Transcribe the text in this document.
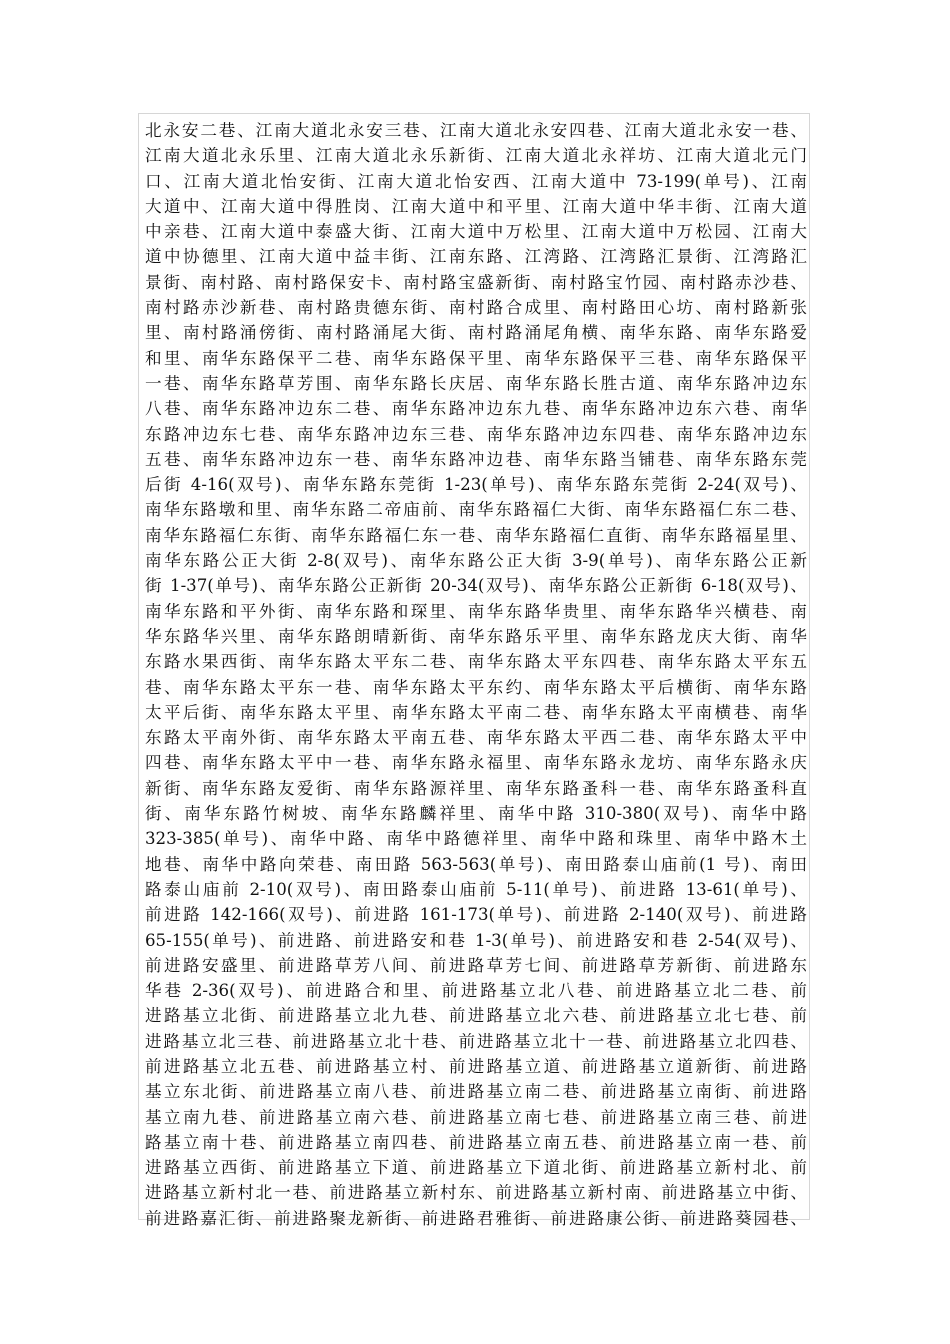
北永安二巷、江南大道北永安三巷、江南大道北永安四巷、江南大道北永安一巷、
江南大道北永乐里、江南大道北永乐新街、江南大道北永祥坊、江南大道北元门
口、江南大道北怡安街、江南大道北怡安西、江南大道中 73-199(单号)、江南
大道中、江南大道中得胜岗、江南大道中和平里、江南大道中华丰街、江南大道
中亲巷、江南大道中泰盛大街、江南大道中万松里、江南大道中万松园、江南大
道中协德里、江南大道中益丰街、江南东路、江湾路、江湾路汇景街、江湾路汇
景街、南村路、南村路保安卡、南村路宝盛新街、南村路宝竹园、南村路赤沙巷、
南村路赤沙新巷、南村路贵德东街、南村路合成里、南村路田心坊、南村路新张
里、南村路涌傍街、南村路涌尾大街、南村路涌尾角横、南华东路、南华东路爱
和里、南华东路保平二巷、南华东路保平里、南华东路保平三巷、南华东路保平
一巷、南华东路草芳围、南华东路长庆居、南华东路长胜古道、南华东路冲边东
八巷、南华东路冲边东二巷、南华东路冲边东九巷、南华东路冲边东六巷、南华
东路冲边东七巷、南华东路冲边东三巷、南华东路冲边东四巷、南华东路冲边东
五巷、南华东路冲边东一巷、南华东路冲边巷、南华东路当铺巷、南华东路东莞
后街 4-16(双号)、南华东路东莞街 1-23(单号)、南华东路东莞街 2-24(双号)、
南华东路墩和里、南华东路二帝庙前、南华东路福仁大街、南华东路福仁东二巷、
南华东路福仁东街、南华东路福仁东一巷、南华东路福仁直街、南华东路福星里、
南华东路公正大街 2-8(双号)、南华东路公正大街 3-9(单号)、南华东路公正新
街 1-37(单号)、南华东路公正新街 20-34(双号)、南华东路公正新街 6-18(双号)、
南华东路和平外街、南华东路和琛里、南华东路华贵里、南华东路华兴横巷、南
华东路华兴里、南华东路朗晴新街、南华东路乐平里、南华东路龙庆大街、南华
东路水果西街、南华东路太平东二巷、南华东路太平东四巷、南华东路太平东五
巷、南华东路太平东一巷、南华东路太平东约、南华东路太平后横街、南华东路
太平后街、南华东路太平里、南华东路太平南二巷、南华东路太平南横巷、南华
东路太平南外街、南华东路太平南五巷、南华东路太平西二巷、南华东路太平中
四巷、南华东路太平中一巷、南华东路永福里、南华东路永龙坊、南华东路永庆
新街、南华东路友爱街、南华东路源祥里、南华东路蚤科一巷、南华东路蚤科直
街、南华东路竹树坡、南华东路麟祥里、南华中路 310-380(双号)、南华中路
323-385(单号)、南华中路、南华中路德祥里、南华中路和珠里、南华中路木土
地巷、南华中路向荣巷、南田路 563-563(单号)、南田路泰山庙前(1 号)、南田
路泰山庙前 2-10(双号)、南田路泰山庙前 5-11(单号)、前进路 13-61(单号)、
前进路 142-166(双号)、前进路 161-173(单号)、前进路 2-140(双号)、前进路
65-155(单号)、前进路、前进路安和巷 1-3(单号)、前进路安和巷 2-54(双号)、
前进路安盛里、前进路草芳八间、前进路草芳七间、前进路草芳新街、前进路东
华巷 2-36(双号)、前进路合和里、前进路基立北八巷、前进路基立北二巷、前
进路基立北街、前进路基立北九巷、前进路基立北六巷、前进路基立北七巷、前
进路基立北三巷、前进路基立北十巷、前进路基立北十一巷、前进路基立北四巷、
前进路基立北五巷、前进路基立村、前进路基立道、前进路基立道新街、前进路
基立东北街、前进路基立南八巷、前进路基立南二巷、前进路基立南街、前进路
基立南九巷、前进路基立南六巷、前进路基立南七巷、前进路基立南三巷、前进
路基立南十巷、前进路基立南四巷、前进路基立南五巷、前进路基立南一巷、前
进路基立西街、前进路基立下道、前进路基立下道北街、前进路基立新村北、前
进路基立新村北一巷、前进路基立新村东、前进路基立新村南、前进路基立中街、
前进路嘉汇街、前进路聚龙新街、前进路君雅街、前进路康公街、前进路葵园巷、
